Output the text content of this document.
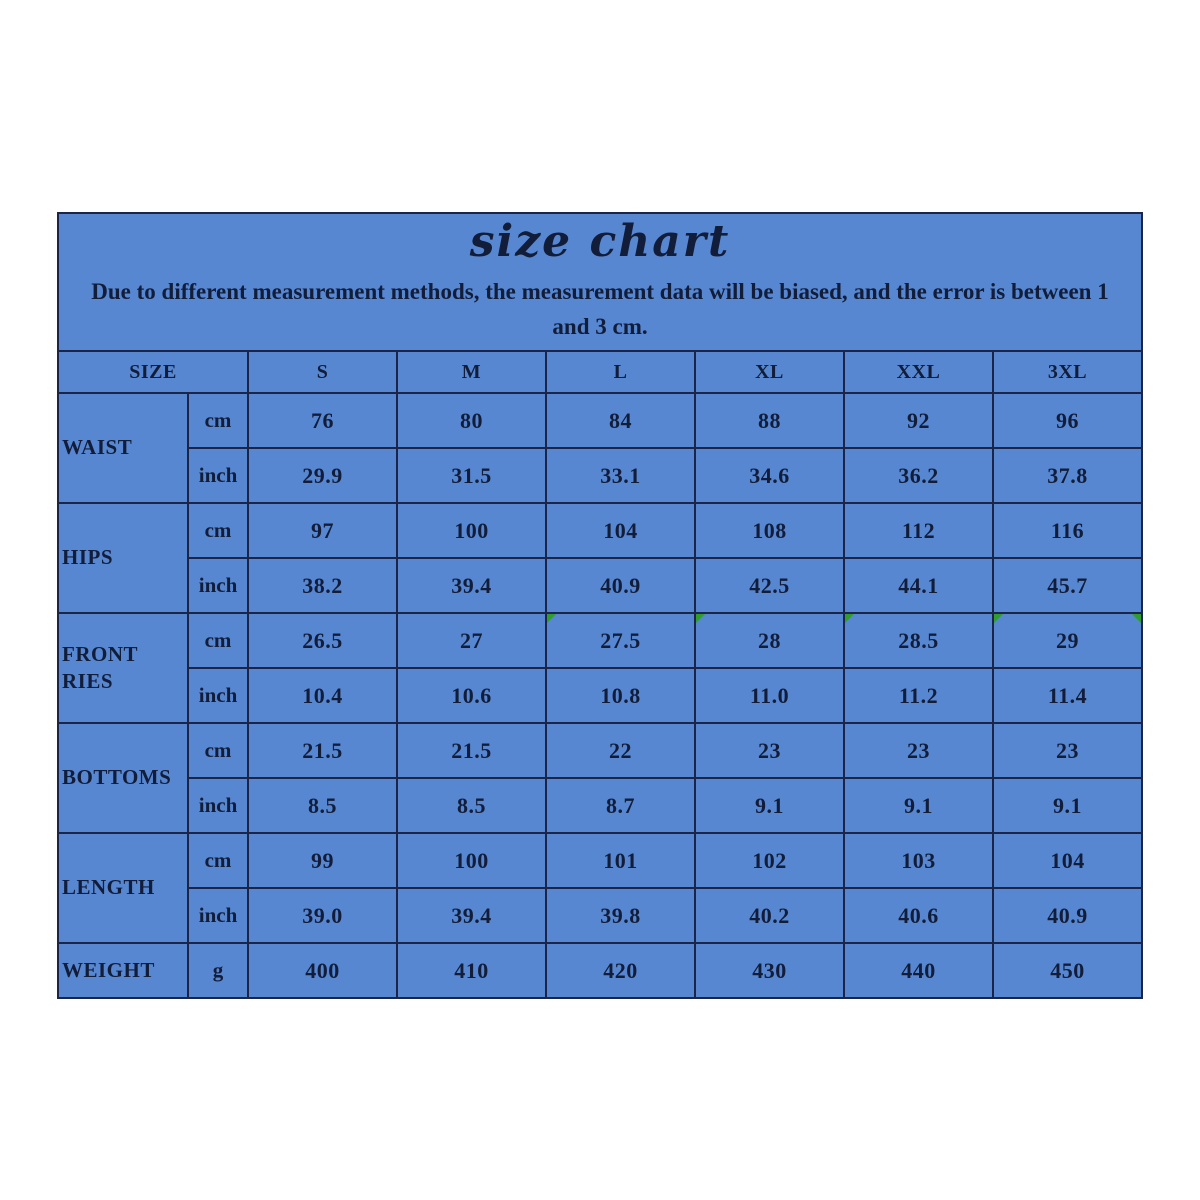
size chart
Due to different measurement methods, the measurement data will be biased, and the error is between 1 and 3 cm.							

SIZE		S	M	L	XL	XXL	3XL
WAIST	cm	76	80	84	88	92	96
	inch	29.9	31.5	33.1	34.6	36.2	37.8
HIPS	cm	97	100	104	108	112	116
	inch	38.2	39.4	40.9	42.5	44.1	45.7
FRONT RIES	cm	26.5	27	27.5	28	28.5	29

	inch	10.4	10.6	10.8	11.0	11.2	11.4
BOTTOMS	cm	21.5	21.5	22	23	23	23
	inch	8.5	8.5	8.7	9.1	9.1	9.1
LENGTH	cm	99	100	101	102	103	104
	inch	39.0	39.4	39.8	40.2	40.6	40.9
WEIGHT	g	400	410	420	430	440	450
